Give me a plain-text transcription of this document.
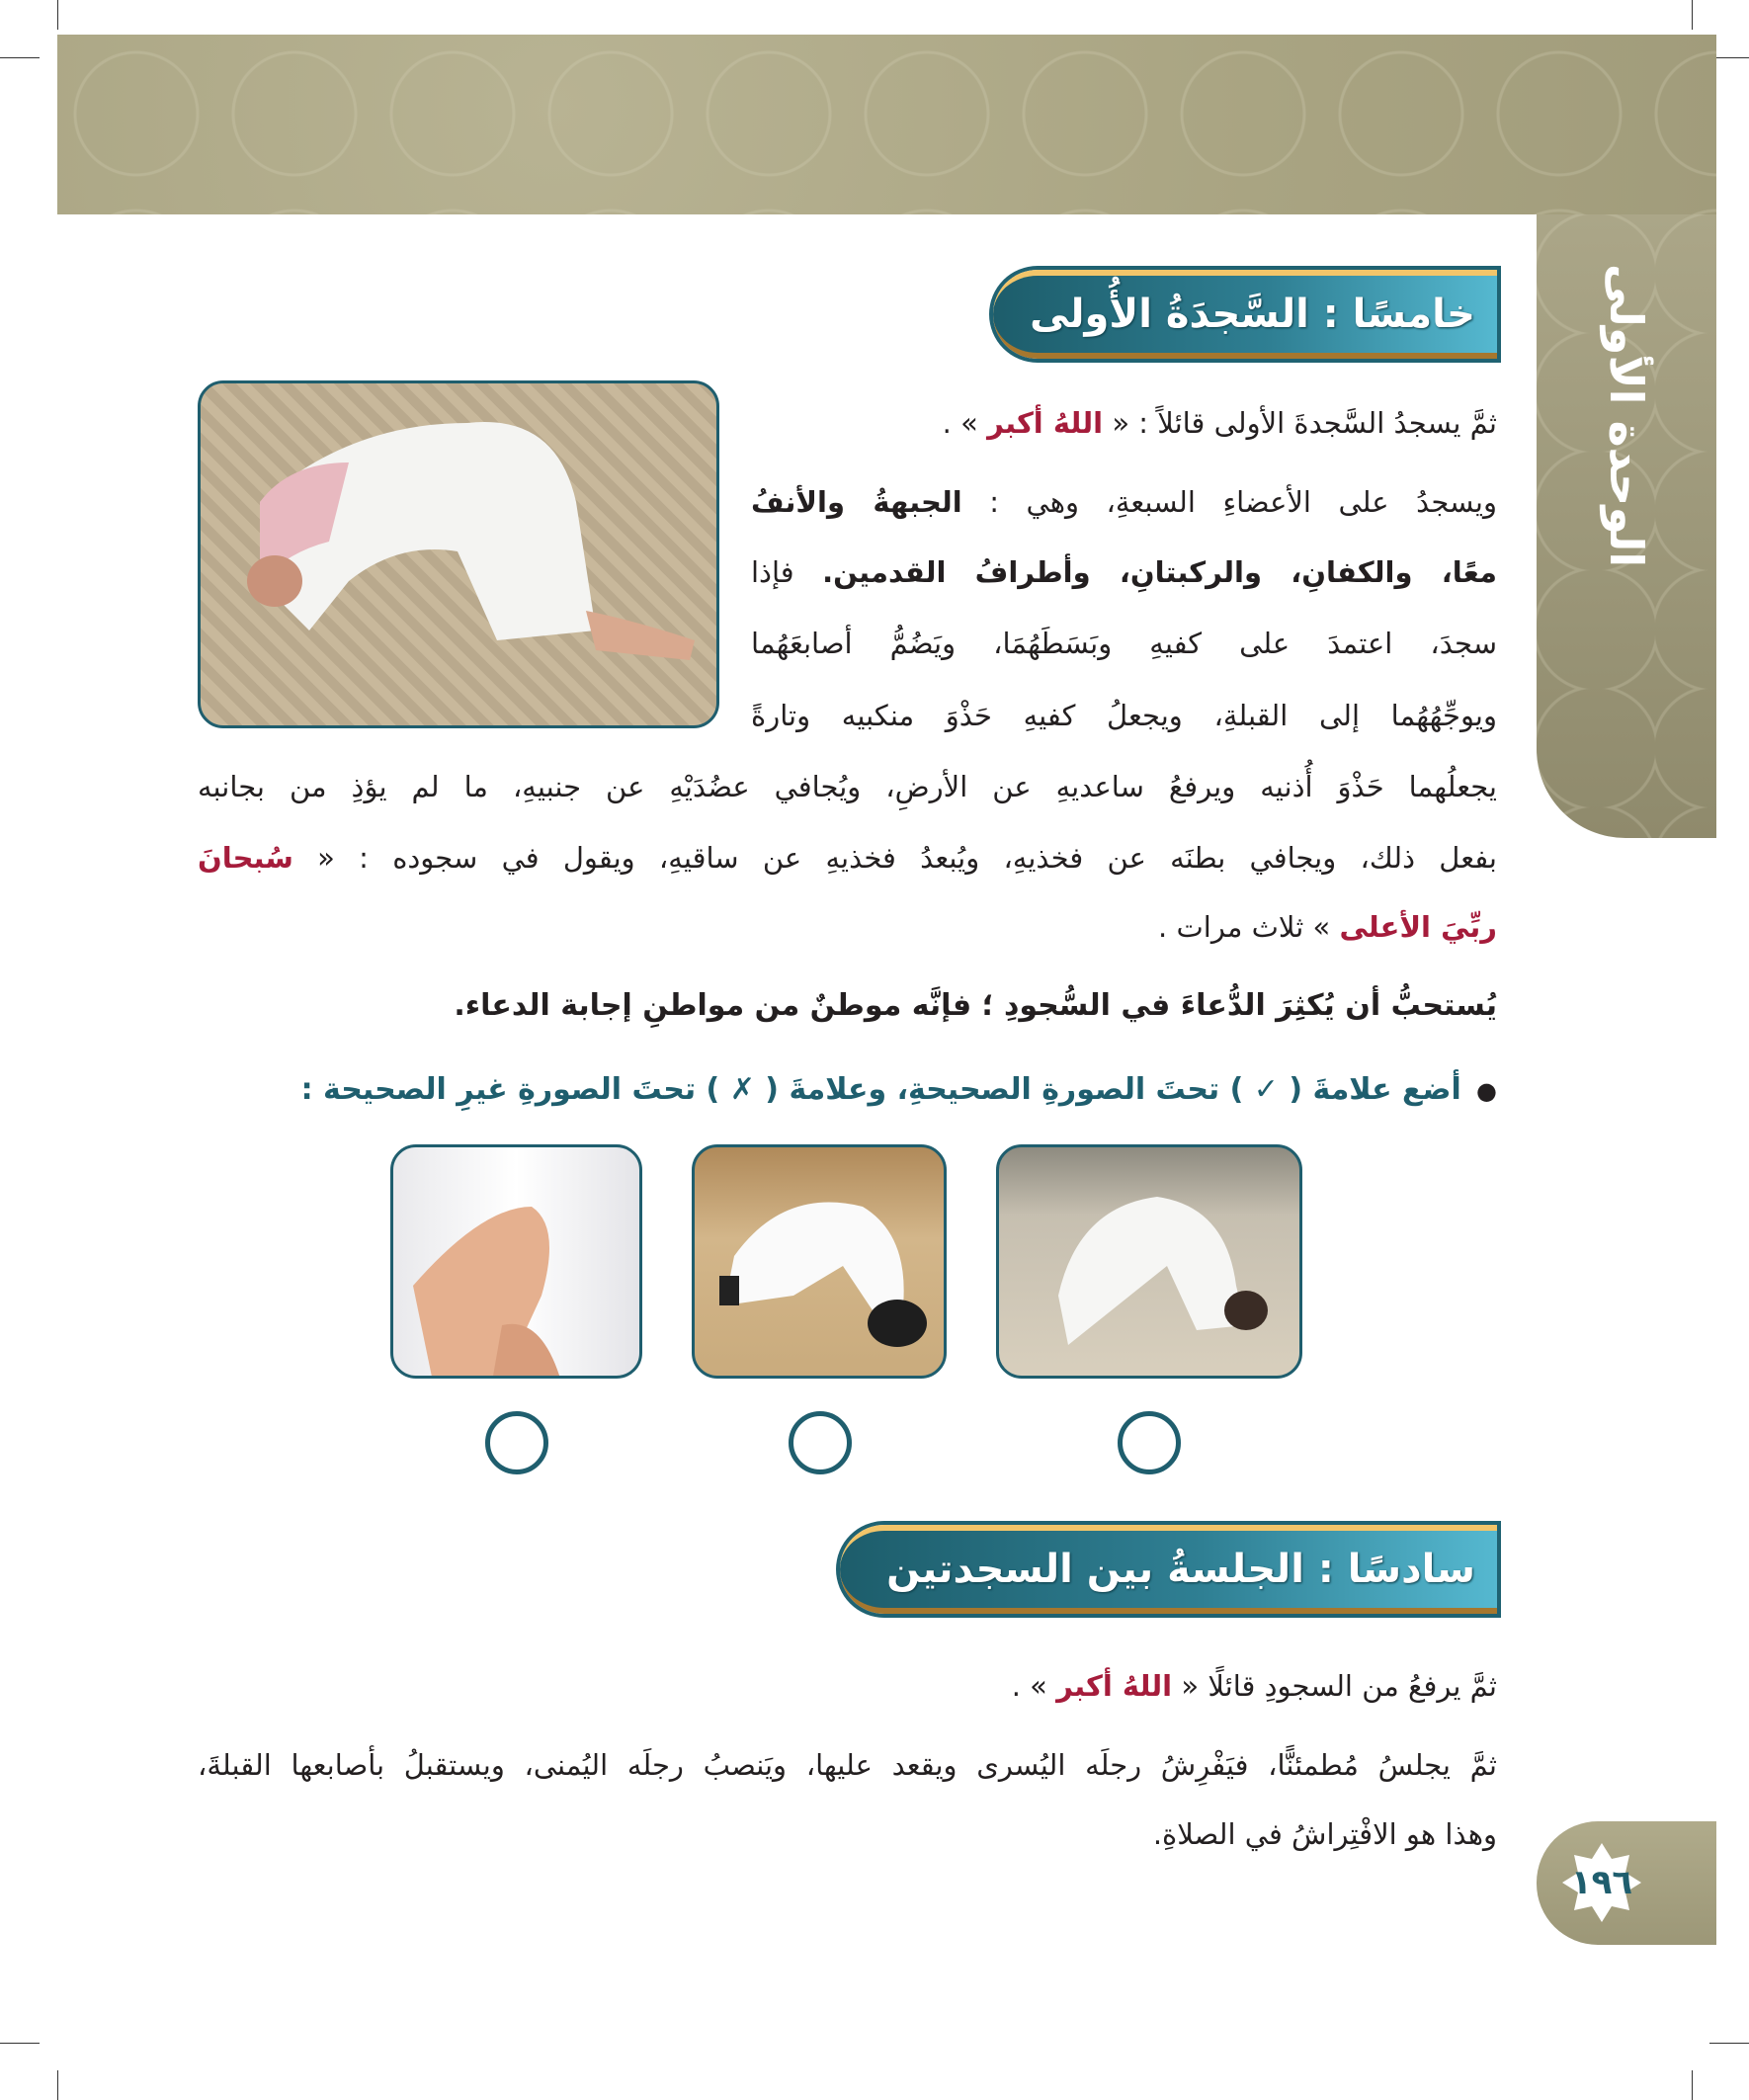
الوحدة الأولى
خامسًا : السَّجدَةُ الأُولى
ثمَّ يسجدُ السَّجدةَ الأولى قائلاً : « اللهُ أكبر » .
ويسجدُ على الأعضاءِ السبعةِ، وهي : الجبهةُ والأنفُ
معًا، والكفانِ، والركبتانِ، وأطرافُ القدمين. فإذا
سجدَ، اعتمدَ على كفيهِ وبَسَطَهُمَا، ويَضُمُّ أصابعَهُما
ويوجِّهُهُما إلى القبلةِ، ويجعلُ كفيهِ حَذْوَ منكبيه وتارةً
يجعلُهما حَذْوَ أُذنيه ويرفعُ ساعديهِ عن الأرضِ، ويُجافي عضُدَيْهِ عن جنبيهِ، ما لم يؤذِ من بجانبه
بفعل ذلك، ويجافي بطنَه عن فخذيهِ، ويُبعدُ فخذيهِ عن ساقيهِ، ويقول في سجوده : « سُبحانَ
ربِّيَ الأعلى » ثلاث مرات .
يُستحبُّ أن يُكثِرَ الدُّعاءَ في السُّجودِ ؛ فإنَّه موطنٌ من مواطنِ إجابة الدعاء.
●  أضع علامةَ ( ✓ ) تحتَ الصورةِ الصحيحةِ، وعلامةَ ( ✗ ) تحتَ الصورةِ غيرِ الصحيحة :
سادسًا : الجلسةُ بين السجدتين
ثمَّ يرفعُ من السجودِ قائلًا « اللهُ أكبر » .
ثمَّ يجلسُ مُطمئنًّا، فيَفْرِشُ رجلَه اليُسرى ويقعد عليها، ويَنصبُ رجلَه اليُمنى، ويستقبلُ بأصابعها القبلةَ،
وهذا هو الافْتِراشُ في الصلاةِ.
١٩٦
